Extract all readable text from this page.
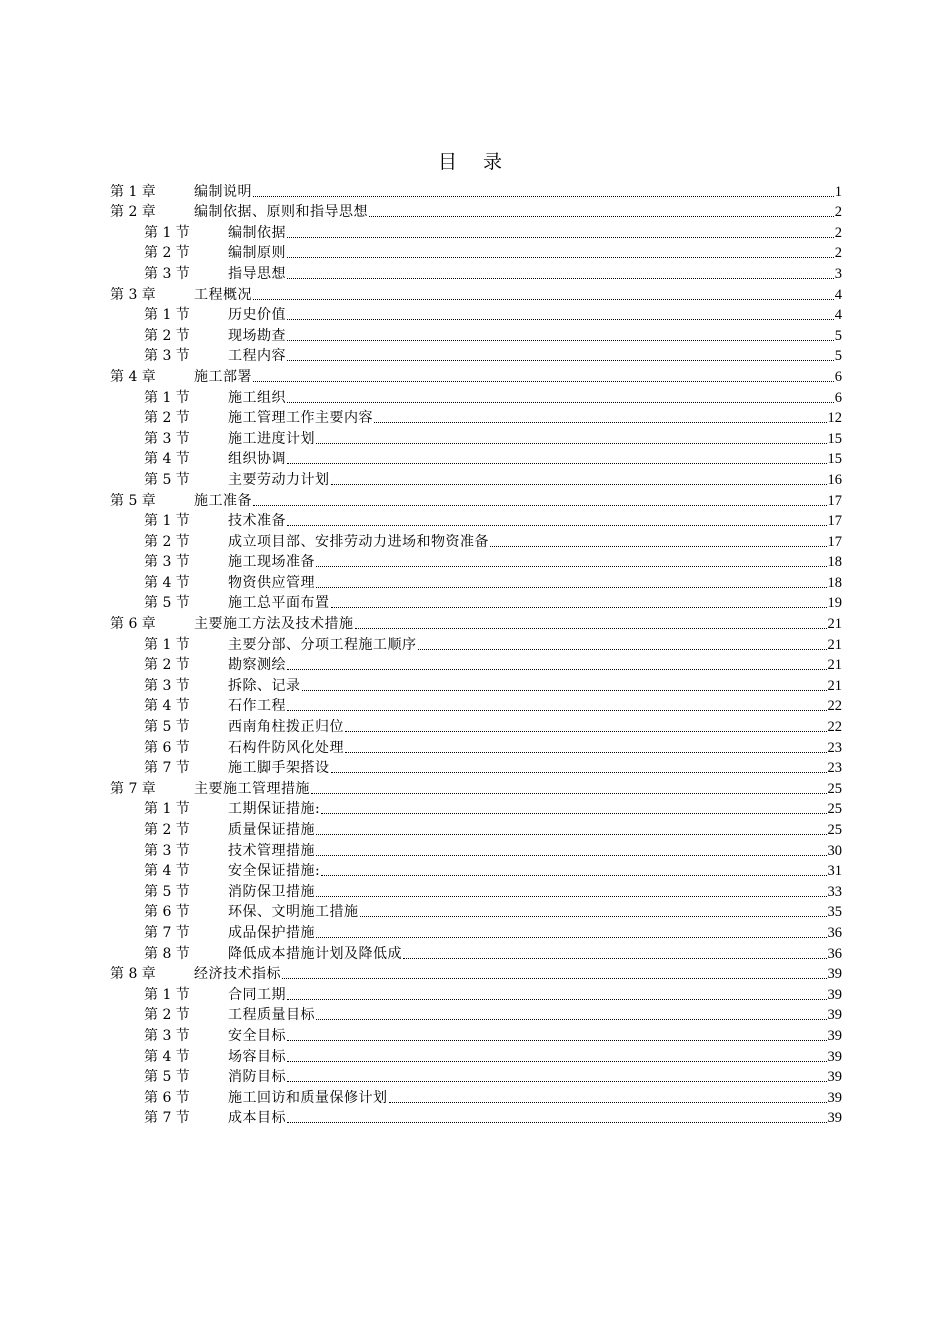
目 录
第 1 章	编制说明	1
第 2 章	编制依据、原则和指导思想	2
第 1 节	编制依据	2
第 2 节	编制原则	2
第 3 节	指导思想	3
第 3 章	工程概况	4
第 1 节	历史价值	4
第 2 节	现场勘查	5
第 3 节	工程内容	5
第 4 章	施工部署	6
第 1 节	施工组织	6
第 2 节	施工管理工作主要内容	12
第 3 节	施工进度计划	15
第 4 节	组织协调	15
第 5 节	主要劳动力计划	16
第 5 章	施工准备	17
第 1 节	技术准备	17
第 2 节	成立项目部、安排劳动力进场和物资准备	17
第 3 节	施工现场准备	18
第 4 节	物资供应管理	18
第 5 节	施工总平面布置	19
第 6 章	主要施工方法及技术措施	21
第 1 节	主要分部、分项工程施工顺序	21
第 2 节	勘察测绘	21
第 3 节	拆除、记录	21
第 4 节	石作工程	22
第 5 节	西南角柱拨正归位	22
第 6 节	石构件防风化处理	23
第 7 节	施工脚手架搭设	23
第 7 章	主要施工管理措施	25
第 1 节	工期保证措施:	25
第 2 节	质量保证措施	25
第 3 节	技术管理措施	30
第 4 节	安全保证措施:	31
第 5 节	消防保卫措施	33
第 6 节	环保、文明施工措施	35
第 7 节	成品保护措施	36
第 8 节	降低成本措施计划及降低成	36
第 8 章	经济技术指标	39
第 1 节	合同工期	39
第 2 节	工程质量目标	39
第 3 节	安全目标	39
第 4 节	场容目标	39
第 5 节	消防目标	39
第 6 节	施工回访和质量保修计划	39
第 7 节	成本目标	39
